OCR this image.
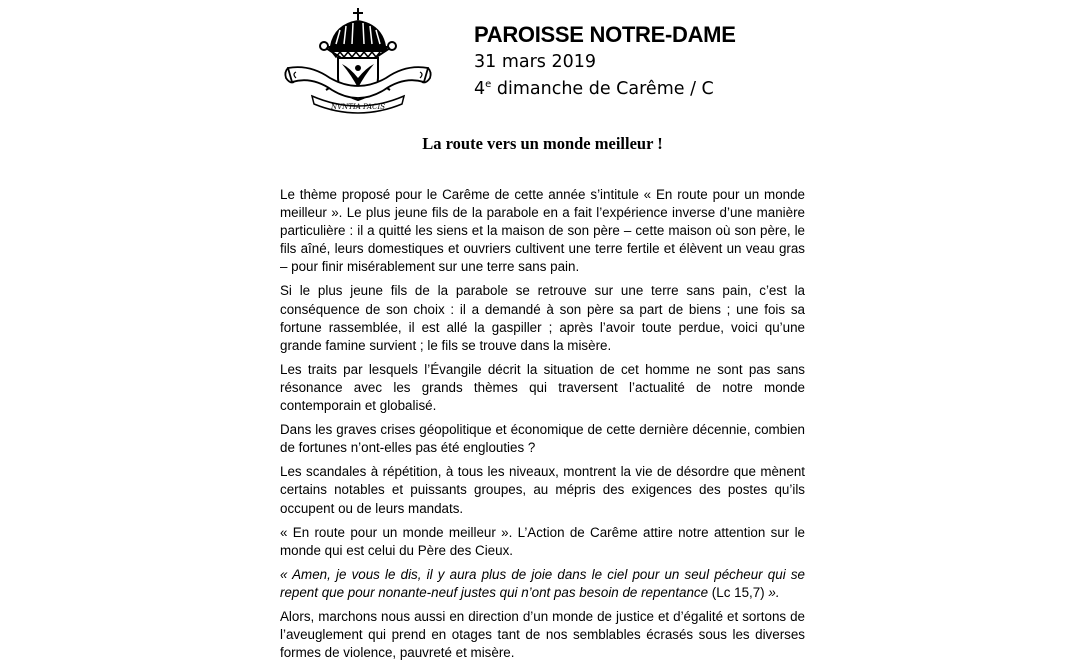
NVNTIA PACIS
PAROISSE NOTRE-DAME
31 mars 2019
4e dimanche de Carême / C
La route vers un monde meilleur !

Le thème proposé pour le Carême de cette année s’intitule « En route pour un monde meilleur ». Le plus jeune fils de la parabole en a fait l’expérience inverse d’une manière particulière : il a quitté les siens et la maison de son père – cette maison où son père, le fils aîné, leurs domestiques et ouvriers cultivent une terre fertile et élèvent un veau gras – pour finir misérablement sur une terre sans pain.

Si le plus jeune fils de la parabole se retrouve sur une terre sans pain, c’est la conséquence de son choix : il a demandé à son père sa part de biens ; une fois sa fortune rassemblée, il est allé la gaspiller ; après l’avoir toute perdue, voici qu’une grande famine survient ; le fils se trouve dans la misère.

Les traits par lesquels l’Évangile décrit la situation de cet homme ne sont pas sans résonance avec les grands thèmes qui traversent l’actualité de notre monde contemporain et globalisé.

Dans les graves crises géopolitique et économique de cette dernière décennie, combien de fortunes n’ont-elles pas été englouties ?

Les scandales à répétition, à tous les niveaux, montrent la vie de désordre que mènent certains notables et puissants groupes, au mépris des exigences des postes qu’ils occupent ou de leurs mandats.

« En route pour un monde meilleur ». L’Action de Carême attire notre attention sur le monde qui est celui du Père des Cieux.

« Amen, je vous le dis, il y aura plus de joie dans le ciel pour un seul pécheur qui se repent que pour nonante-neuf justes qui n’ont pas besoin de repentance (Lc 15,7) ».

Alors, marchons nous aussi en direction d’un monde de justice et d’égalité et sortons de l’aveuglement qui prend en otages tant de nos semblables écrasés sous les diverses formes de violence, pauvreté et misère.
